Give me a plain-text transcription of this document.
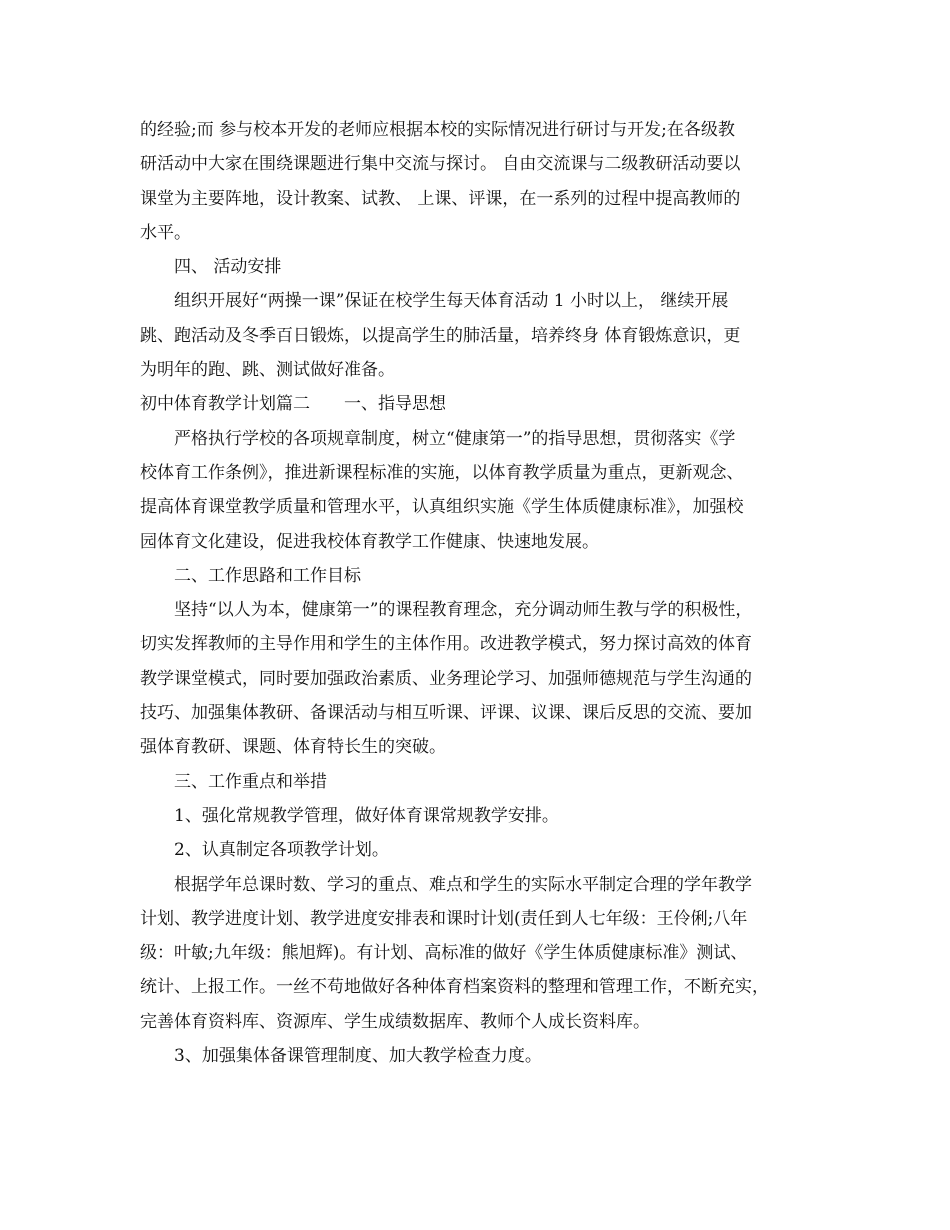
的经验;而 参与校本开发的老师应根据本校的实际情况进行研讨与开发;在各级教
研活动中大家在围绕课题进行集中交流与探讨。 自由交流课与二级教研活动要以
课堂为主要阵地，设计教案、试教、 上课、评课，在一系列的过程中提高教师的
水平。
四、 活动安排
组织开展好“两操一课”保证在校学生每天体育活动 1 小时以上， 继续开展
跳、跑活动及冬季百日锻炼，以提高学生的肺活量，培养终身 体育锻炼意识，更
为明年的跑、跳、测试做好准备。
初中体育教学计划篇二　　一、指导思想
严格执行学校的各项规章制度，树立“健康第一”的指导思想，贯彻落实《学
校体育工作条例》，推进新课程标准的实施，以体育教学质量为重点，更新观念、
提高体育课堂教学质量和管理水平，认真组织实施《学生体质健康标准》，加强校
园体育文化建设，促进我校体育教学工作健康、快速地发展。
二、工作思路和工作目标
坚持“以人为本，健康第一”的课程教育理念，充分调动师生教与学的积极性，
切实发挥教师的主导作用和学生的主体作用。改进教学模式，努力探讨高效的体育
教学课堂模式，同时要加强政治素质、业务理论学习、加强师德规范与学生沟通的
技巧、加强集体教研、备课活动与相互听课、评课、议课、课后反思的交流、要加
强体育教研、课题、体育特长生的突破。
三、工作重点和举措
1、强化常规教学管理，做好体育课常规教学安排。
2、认真制定各项教学计划。
根据学年总课时数、学习的重点、难点和学生的实际水平制定合理的学年教学
计划、教学进度计划、教学进度安排表和课时计划(责任到人七年级：王伶俐;八年
级：叶敏;九年级：熊旭辉)。有计划、高标准的做好《学生体质健康标准》测试、
统计、上报工作。一丝不苟地做好各种体育档案资料的整理和管理工作，不断充实，
完善体育资料库、资源库、学生成绩数据库、教师个人成长资料库。
3、加强集体备课管理制度、加大教学检查力度。
